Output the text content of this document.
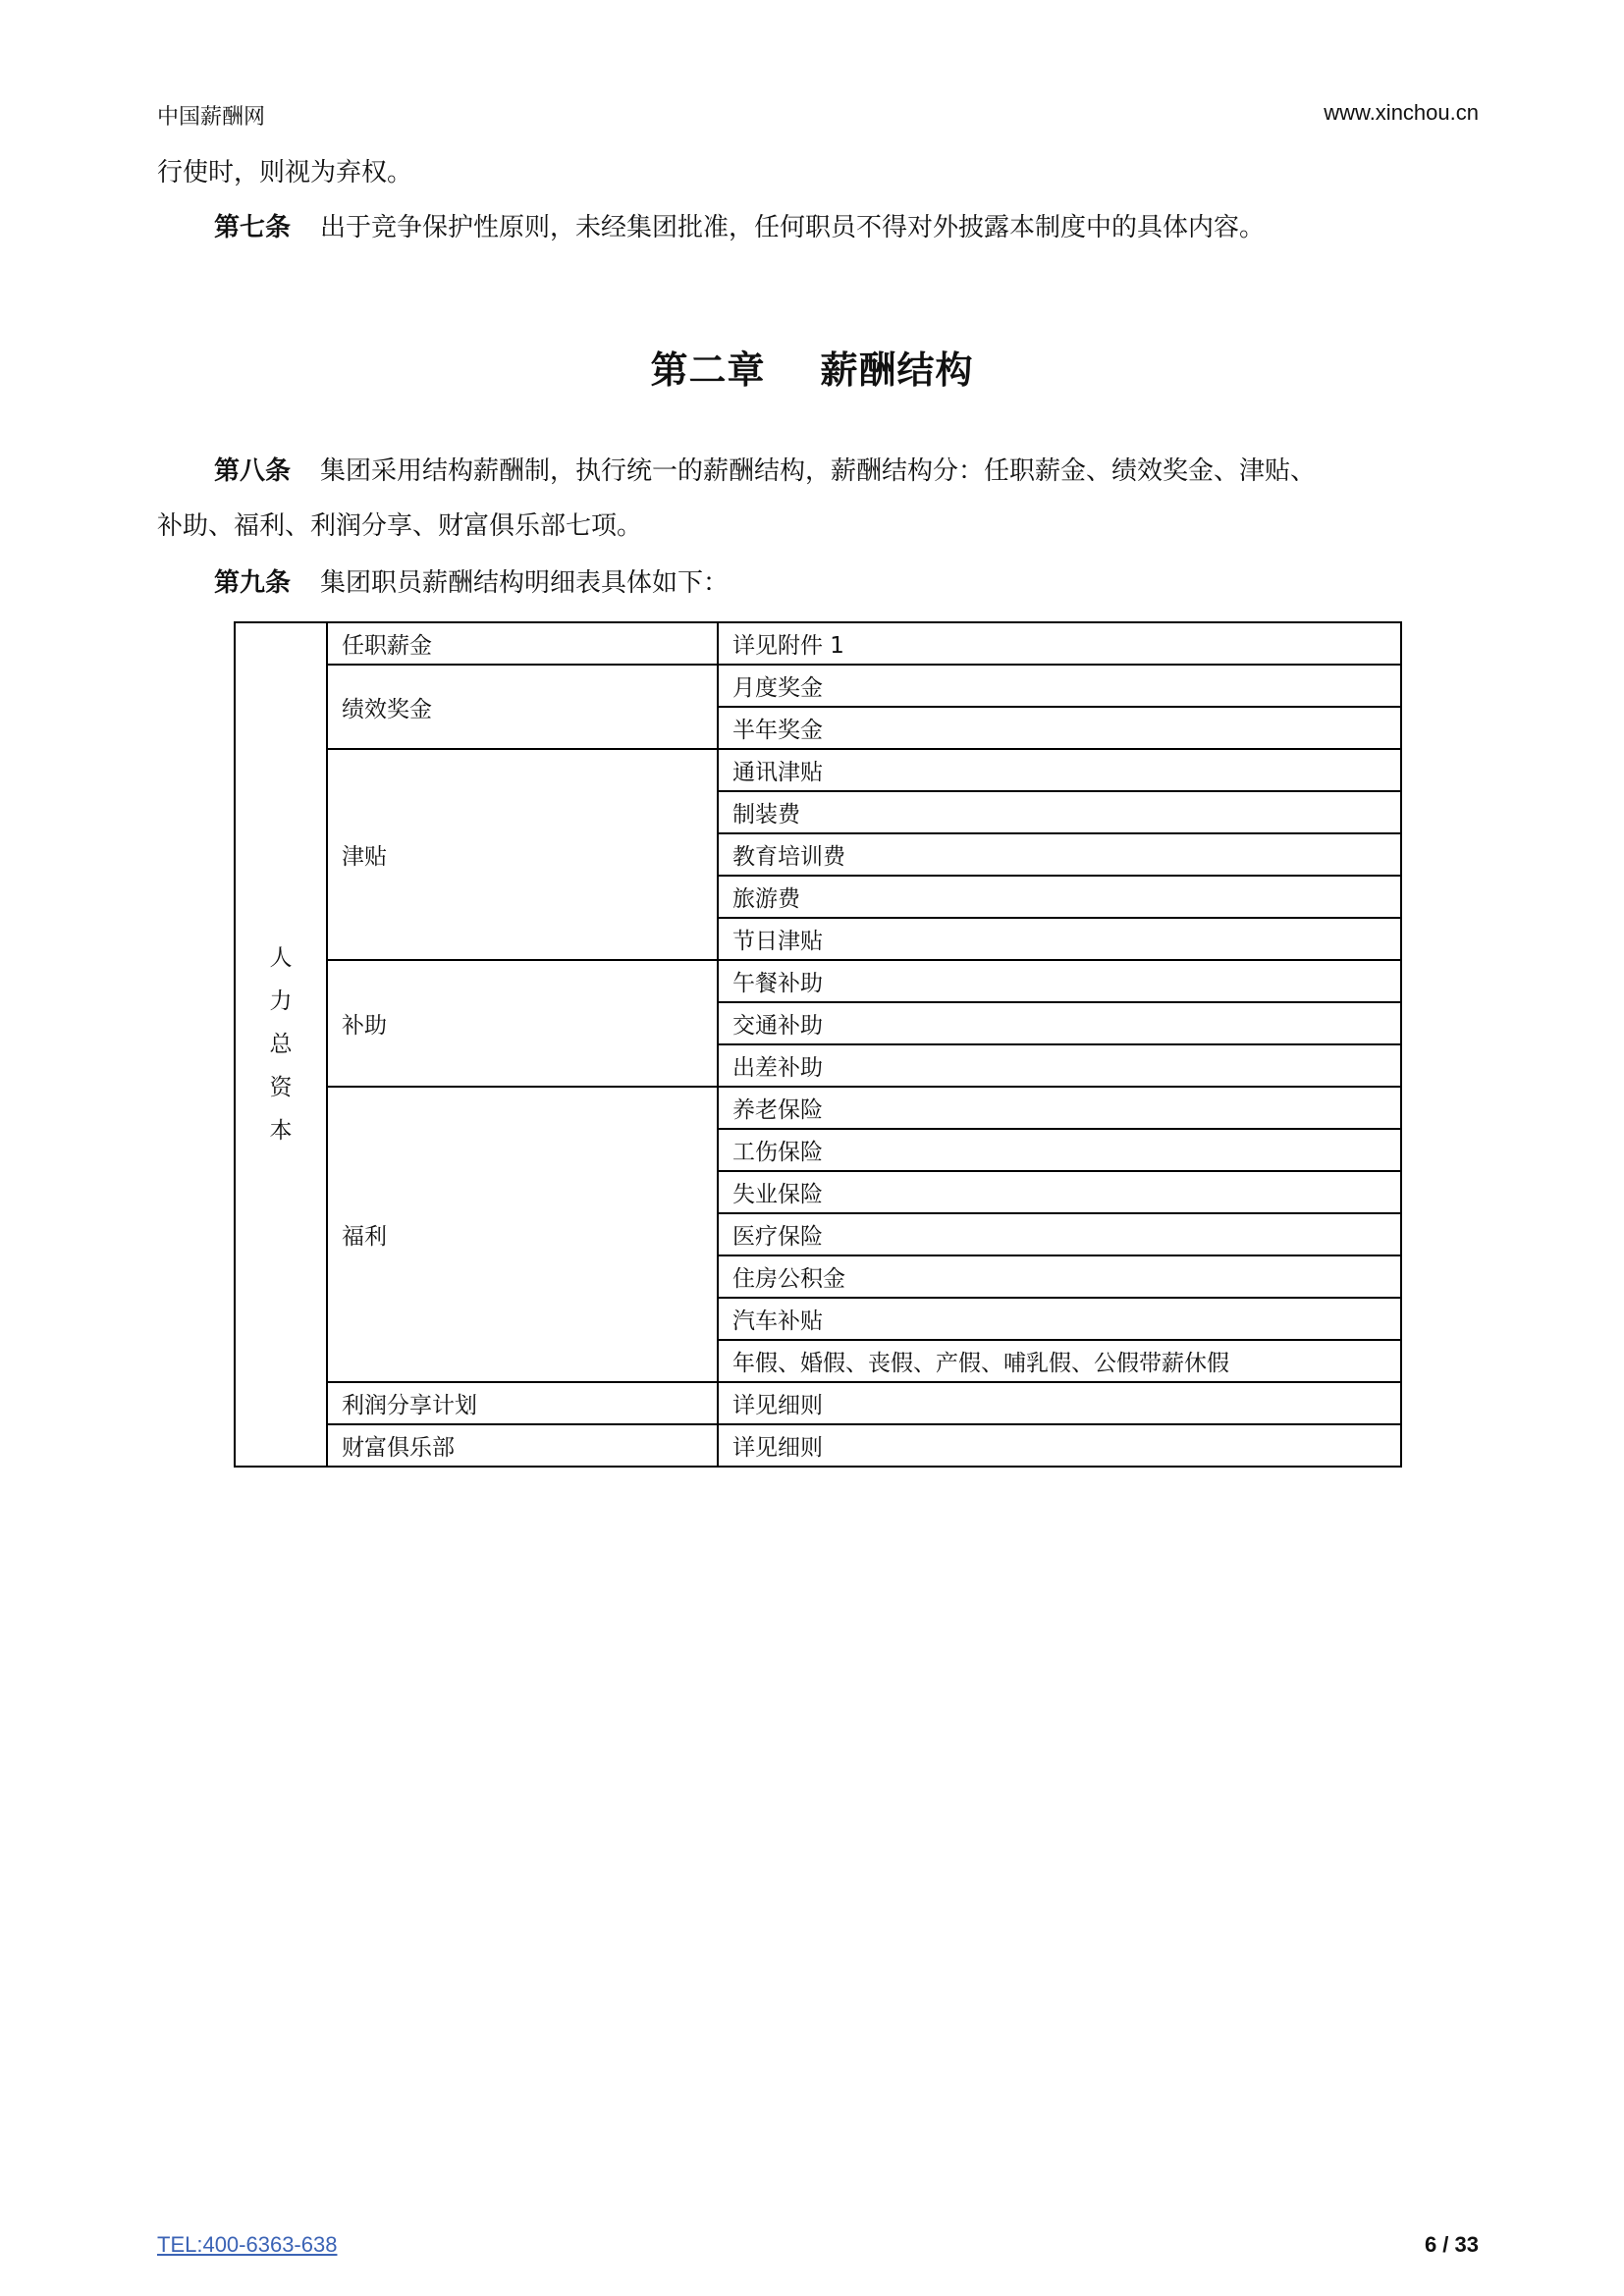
中国薪酬网	www.xinchou.cn
行使时，则视为弃权。
第七条 出于竞争保护性原则，未经集团批准，任何职员不得对外披露本制度中的具体内容。
第二章 薪酬结构
第八条 集团采用结构薪酬制，执行统一的薪酬结构，薪酬结构分：任职薪金、绩效奖金、津贴、
补助、福利、利润分享、财富俱乐部七项。
第九条 集团职员薪酬结构明细表具体如下：
人
力
总
资
本	任职薪金	详见附件 1
	绩效奖金	月度奖金
		半年奖金
	津贴	通讯津贴
		制装费
		教育培训费
		旅游费
		节日津贴
	补助	午餐补助
		交通补助
		出差补助
	福利	养老保险
		工伤保险
		失业保险
		医疗保险
		住房公积金
		汽车补贴
		年假、婚假、丧假、产假、哺乳假、公假带薪休假
	利润分享计划	详见细则
	财富俱乐部	详见细则
TEL:400-6363-638	6 / 33
